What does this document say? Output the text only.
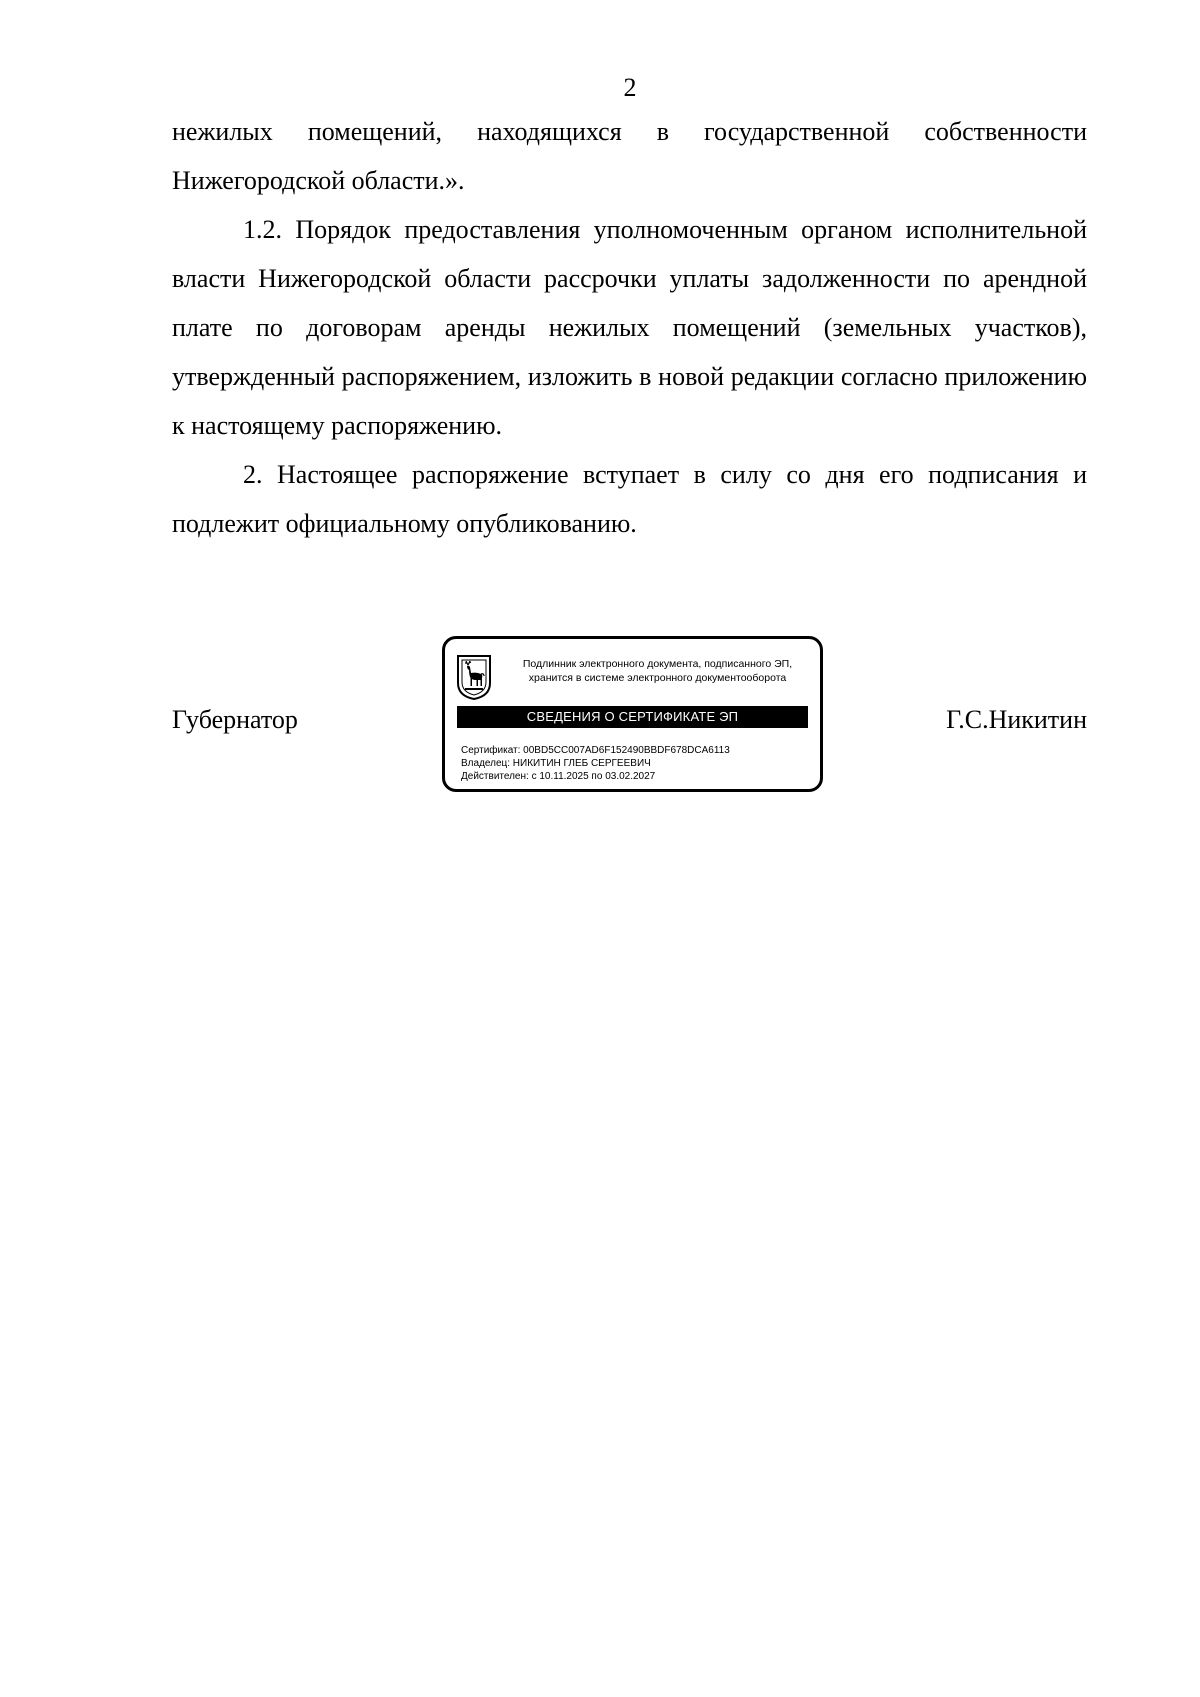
2

нежилых помещений, находящихся в государственной собственности Нижегородской области.».

1.2. Порядок предоставления уполномоченным органом исполнительной власти Нижегородской области рассрочки уплаты задолженности по арендной плате по договорам аренды нежилых помещений (земельных участков), утвержденный распоряжением, изложить в новой редакции согласно приложению к настоящему распоряжению.

2. Настоящее распоряжение вступает в силу со дня его подписания и подлежит официальному опубликованию.

Губернатор
Подлинник электронного документа, подписанного ЭП,
хранится в системе электронного документооборота
СВЕДЕНИЯ О СЕРТИФИКАТЕ ЭП
Сертификат: 00BD5CC007AD6F152490BBDF678DCA6113
Владелец: НИКИТИН ГЛЕБ СЕРГЕЕВИЧ
Действителен: с 10.11.2025 по 03.02.2027
Г.С.Никитин
